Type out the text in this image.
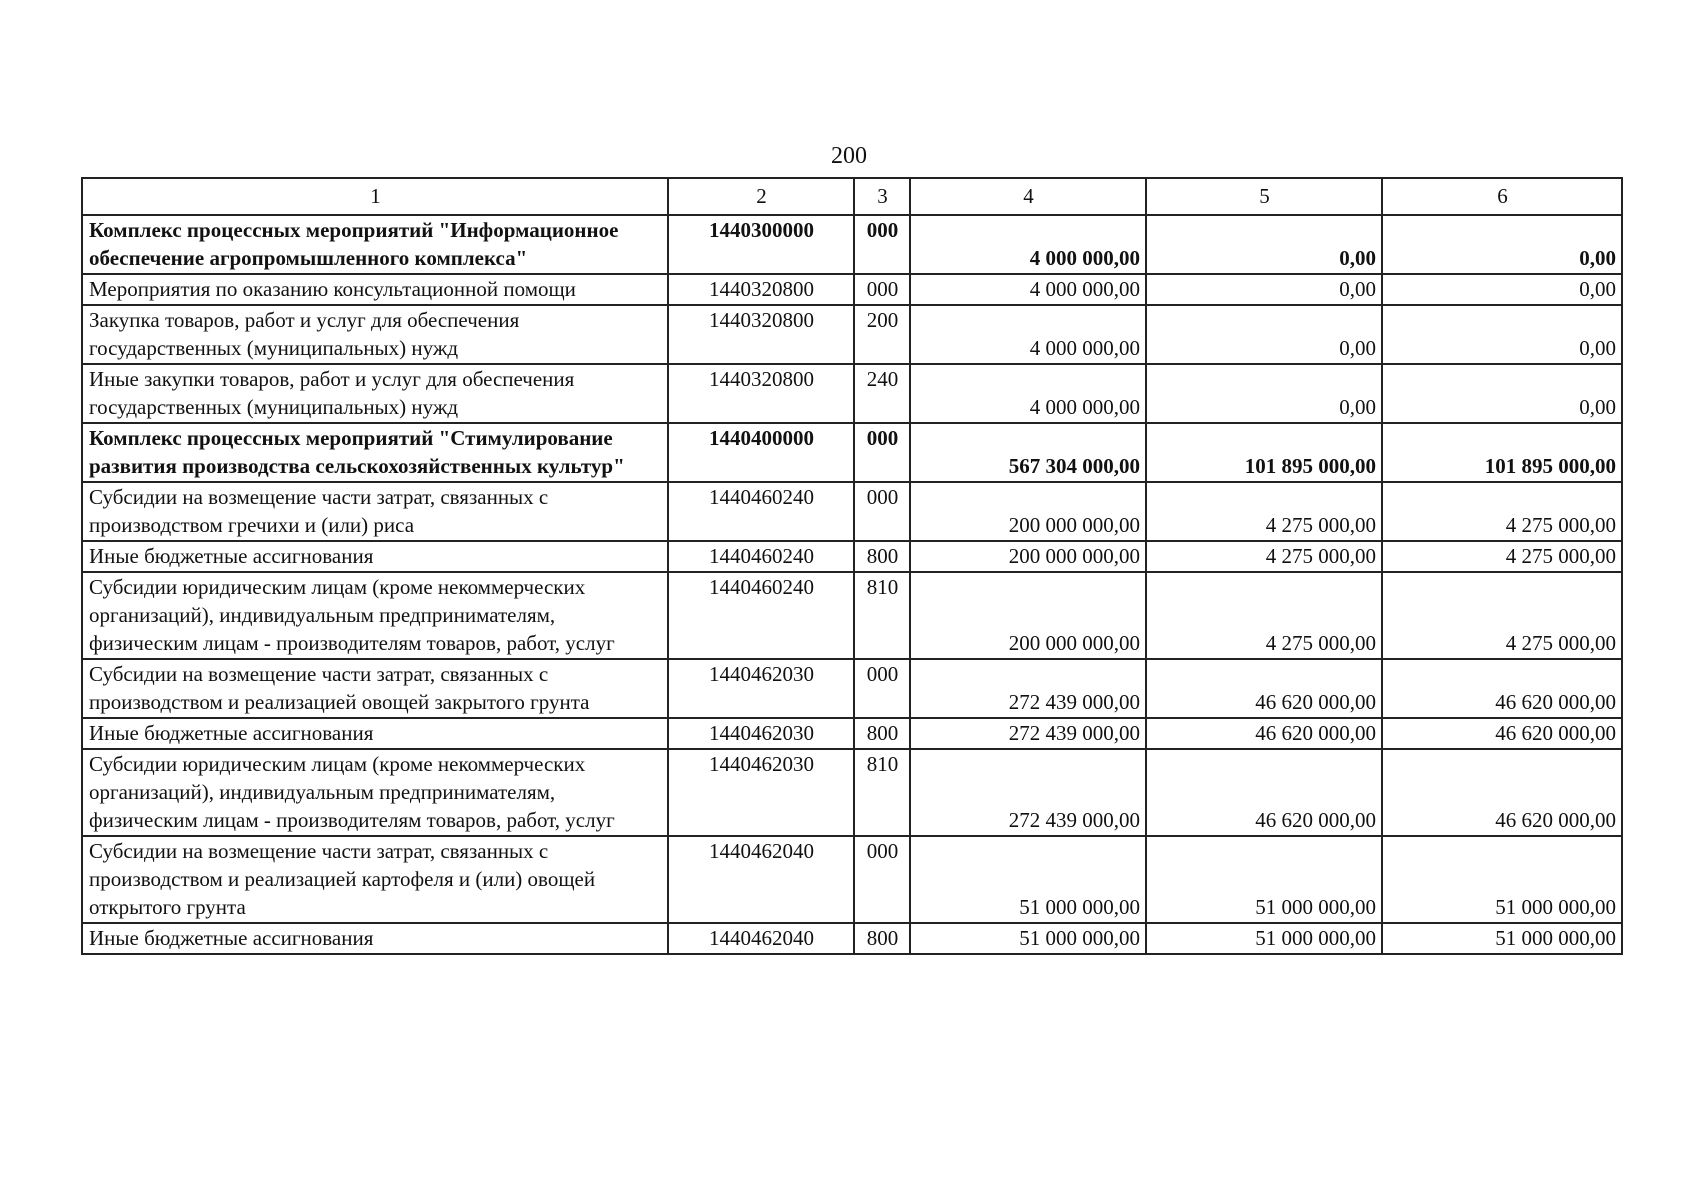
200
1	2	3	4	5	6
Комплекс процессных мероприятий "Информационное обеспечение агропромышленного комплекса"	1440300000	000	4 000 000,00	0,00	0,00
Мероприятия по оказанию консультационной помощи	1440320800	000	4 000 000,00	0,00	0,00
Закупка товаров, работ и услуг для обеспечения государственных (муниципальных) нужд	1440320800	200	4 000 000,00	0,00	0,00
Иные закупки товаров, работ и услуг для обеспечения государственных (муниципальных) нужд	1440320800	240	4 000 000,00	0,00	0,00
Комплекс процессных мероприятий "Стимулирование развития производства сельскохозяйственных культур"	1440400000	000	567 304 000,00	101 895 000,00	101 895 000,00
Субсидии на возмещение части затрат, связанных с производством гречихи и (или) риса	1440460240	000	200 000 000,00	4 275 000,00	4 275 000,00
Иные бюджетные ассигнования	1440460240	800	200 000 000,00	4 275 000,00	4 275 000,00
Субсидии юридическим лицам (кроме некоммерческих организаций), индивидуальным предпринимателям, физическим лицам - производителям товаров, работ, услуг	1440460240	810	200 000 000,00	4 275 000,00	4 275 000,00
Субсидии на возмещение части затрат, связанных с производством и реализацией овощей закрытого грунта	1440462030	000	272 439 000,00	46 620 000,00	46 620 000,00
Иные бюджетные ассигнования	1440462030	800	272 439 000,00	46 620 000,00	46 620 000,00
Субсидии юридическим лицам (кроме некоммерческих организаций), индивидуальным предпринимателям, физическим лицам - производителям товаров, работ, услуг	1440462030	810	272 439 000,00	46 620 000,00	46 620 000,00
Субсидии на возмещение части затрат, связанных с производством и реализацией картофеля и (или) овощей открытого грунта	1440462040	000	51 000 000,00	51 000 000,00	51 000 000,00
Иные бюджетные ассигнования	1440462040	800	51 000 000,00	51 000 000,00	51 000 000,00
